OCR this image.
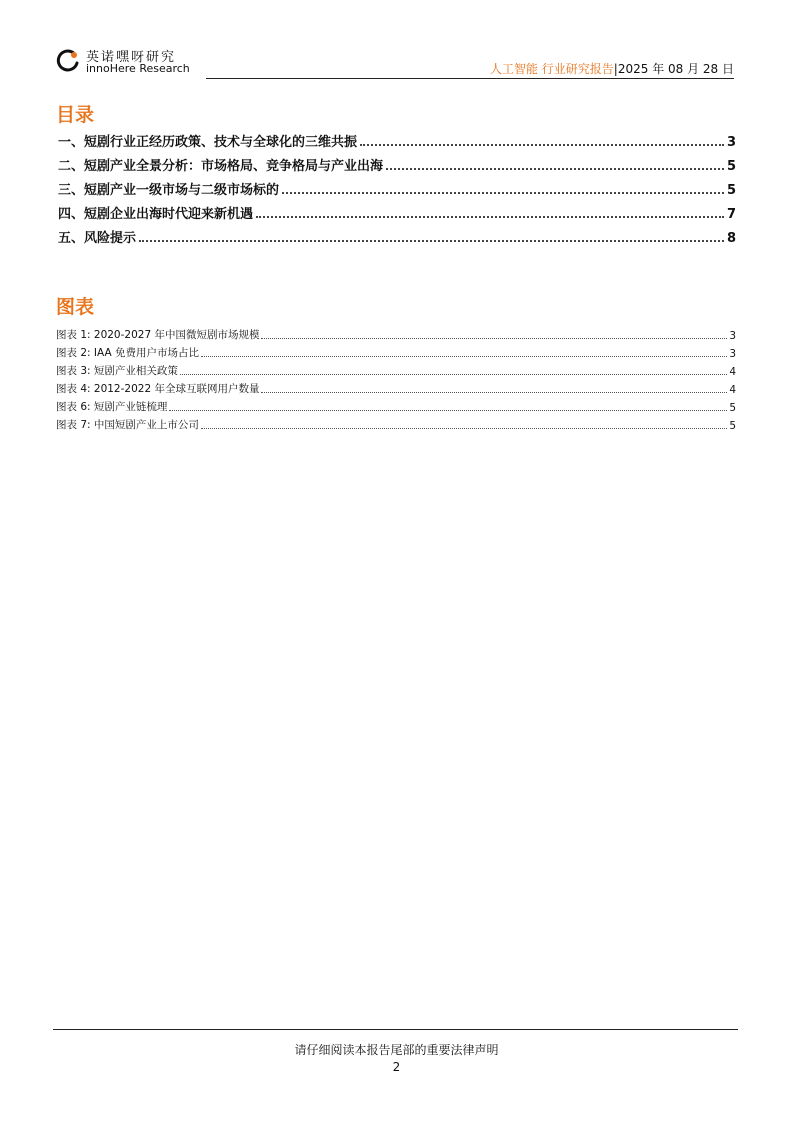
英诺嘿呀研究
innoHere Research	人工智能 行业研究报告|2025 年 08 月 28 日
目录
一、短剧行业正经历政策、技术与全球化的三维共振	3
二、短剧产业全景分析：市场格局、竞争格局与产业出海	5
三、短剧产业一级市场与二级市场标的	5
四、短剧企业出海时代迎来新机遇	7
五、风险提示	8
图表
图表 1: 2020-2027 年中国微短剧市场规模	3
图表 2: IAA 免费用户市场占比	3
图表 3: 短剧产业相关政策	4
图表 4: 2012-2022 年全球互联网用户数量	4
图表 6: 短剧产业链梳理	5
图表 7: 中国短剧产业上市公司	5
请仔细阅读本报告尾部的重要法律声明
2
